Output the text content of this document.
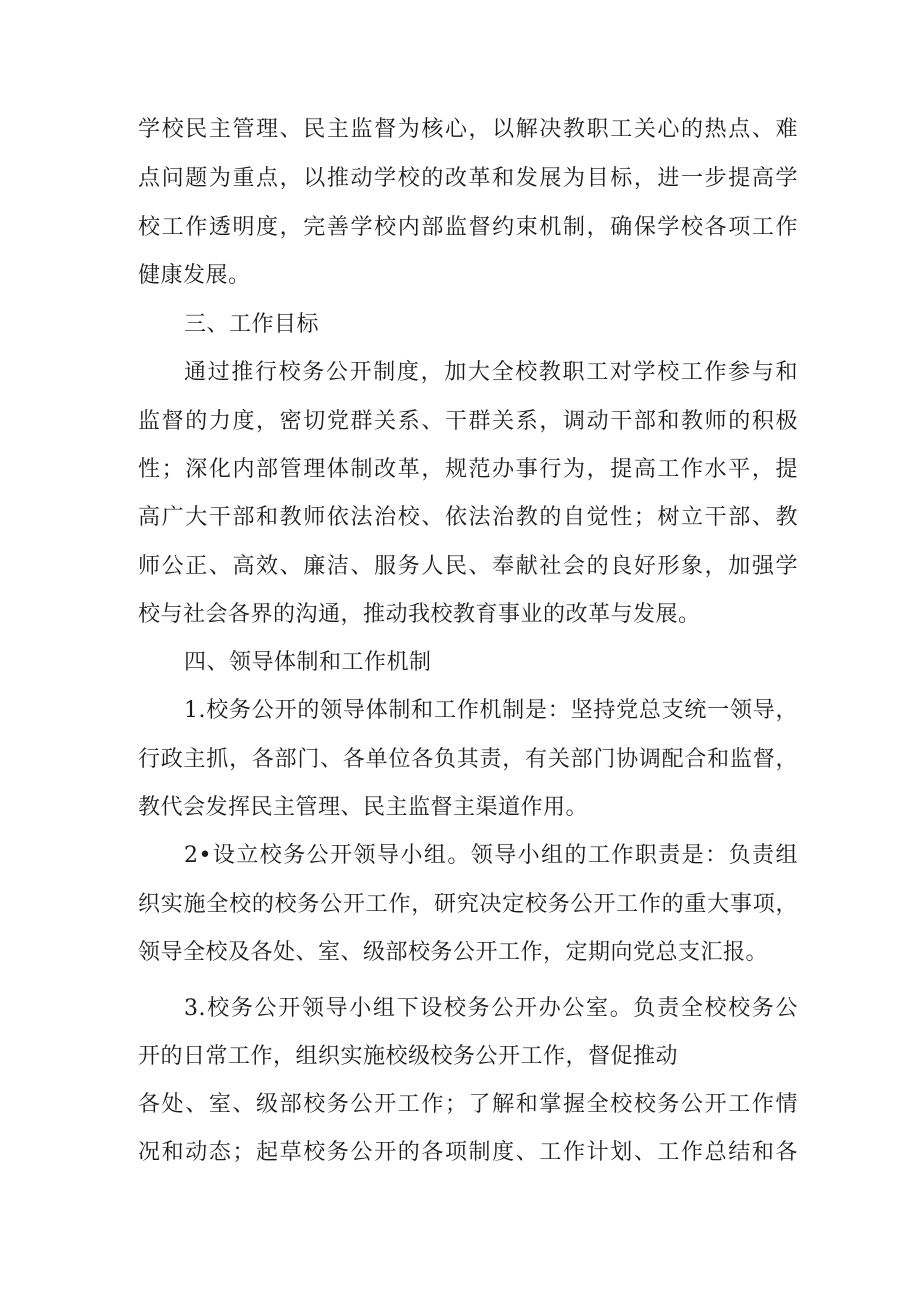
学校民主管理、民主监督为核心，以解决教职工关心的热点、难
点问题为重点，以推动学校的改革和发展为目标，进一步提高学
校工作透明度，完善学校内部监督约束机制，确保学校各项工作
健康发展。
三、工作目标
通过推行校务公开制度，加大全校教职工对学校工作参与和
监督的力度，密切党群关系、干群关系，调动干部和教师的积极
性；深化内部管理体制改革，规范办事行为，提高工作水平，提
高广大干部和教师依法治校、依法治教的自觉性；树立干部、教
师公正、高效、廉洁、服务人民、奉献社会的良好形象，加强学
校与社会各界的沟通，推动我校教育事业的改革与发展。
四、领导体制和工作机制
1.校务公开的领导体制和工作机制是：坚持党总支统一领导，
行政主抓，各部门、各单位各负其责，有关部门协调配合和监督，
教代会发挥民主管理、民主监督主渠道作用。
2•设立校务公开领导小组。领导小组的工作职责是：负责组
织实施全校的校务公开工作，研究决定校务公开工作的重大事项，
领导全校及各处、室、级部校务公开工作，定期向党总支汇报。
3.校务公开领导小组下设校务公开办公室。负责全校校务公
开的日常工作，组织实施校级校务公开工作，督促推动
各处、室、级部校务公开工作；了解和掌握全校校务公开工作情
况和动态；起草校务公开的各项制度、工作计划、工作总结和各
